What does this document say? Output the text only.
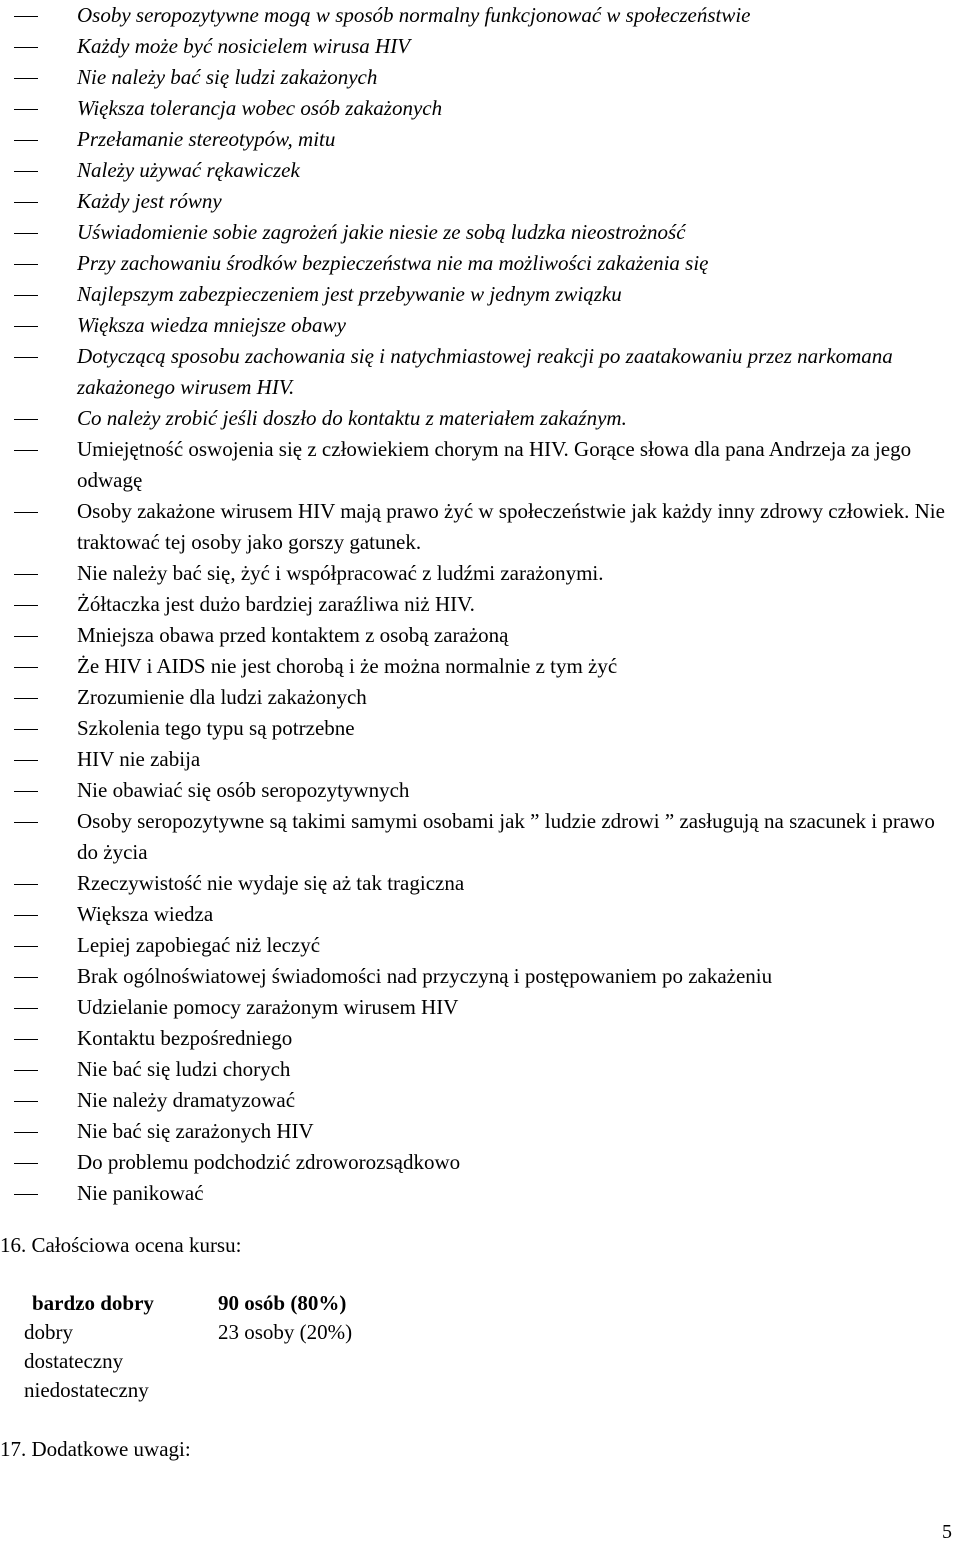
Osoby seropozytywne mogą w sposób normalny funkcjonować w społeczeństwie
Każdy może być nosicielem wirusa HIV
Nie należy bać się ludzi zakażonych
Większa tolerancja wobec osób zakażonych
Przełamanie stereotypów, mitu
Należy używać rękawiczek
Każdy jest równy
Uświadomienie sobie zagrożeń jakie niesie ze sobą ludzka nieostrożność
Przy zachowaniu środków bezpieczeństwa nie ma możliwości zakażenia się
Najlepszym zabezpieczeniem jest przebywanie w jednym związku
Większa wiedza mniejsze obawy
Dotyczącą sposobu zachowania się i natychmiastowej reakcji po zaatakowaniu przez narkomana zakażonego wirusem HIV.
Co należy zrobić jeśli doszło do kontaktu z materiałem zakaźnym.
Umiejętność oswojenia się z człowiekiem chorym na HIV. Gorące słowa dla pana Andrzeja za jego odwagę
Osoby zakażone wirusem HIV mają prawo żyć w społeczeństwie jak każdy inny zdrowy człowiek. Nie traktować tej osoby jako gorszy gatunek.
Nie należy bać się, żyć i współpracować z ludźmi zarażonymi.
Żółtaczka jest dużo bardziej zaraźliwa niż HIV.
Mniejsza obawa przed kontaktem z osobą zarażoną
Że HIV i AIDS nie jest chorobą i że można normalnie z tym żyć
Zrozumienie dla ludzi zakażonych
Szkolenia tego typu są potrzebne
HIV nie zabija
Nie obawiać się osób seropozytywnych
Osoby seropozytywne są takimi samymi osobami jak ” ludzie zdrowi ” zasługują na szacunek i prawo do życia
Rzeczywistość nie wydaje się aż tak tragiczna
Większa wiedza
Lepiej zapobiegać niż leczyć
Brak ogólnoświatowej świadomości nad przyczyną i postępowaniem po zakażeniu
Udzielanie pomocy zarażonym wirusem HIV
Kontaktu bezpośredniego
Nie bać się ludzi chorych
Nie należy dramatyzować
Nie bać się zarażonych HIV
Do problemu podchodzić zdroworozsądkowo
Nie panikować
16. Całościowa ocena kursu:
bardzo dobry	90 osób (80%)
dobry	23 osoby (20%)
dostateczny	
niedostateczny	
17. Dodatkowe uwagi:
5
